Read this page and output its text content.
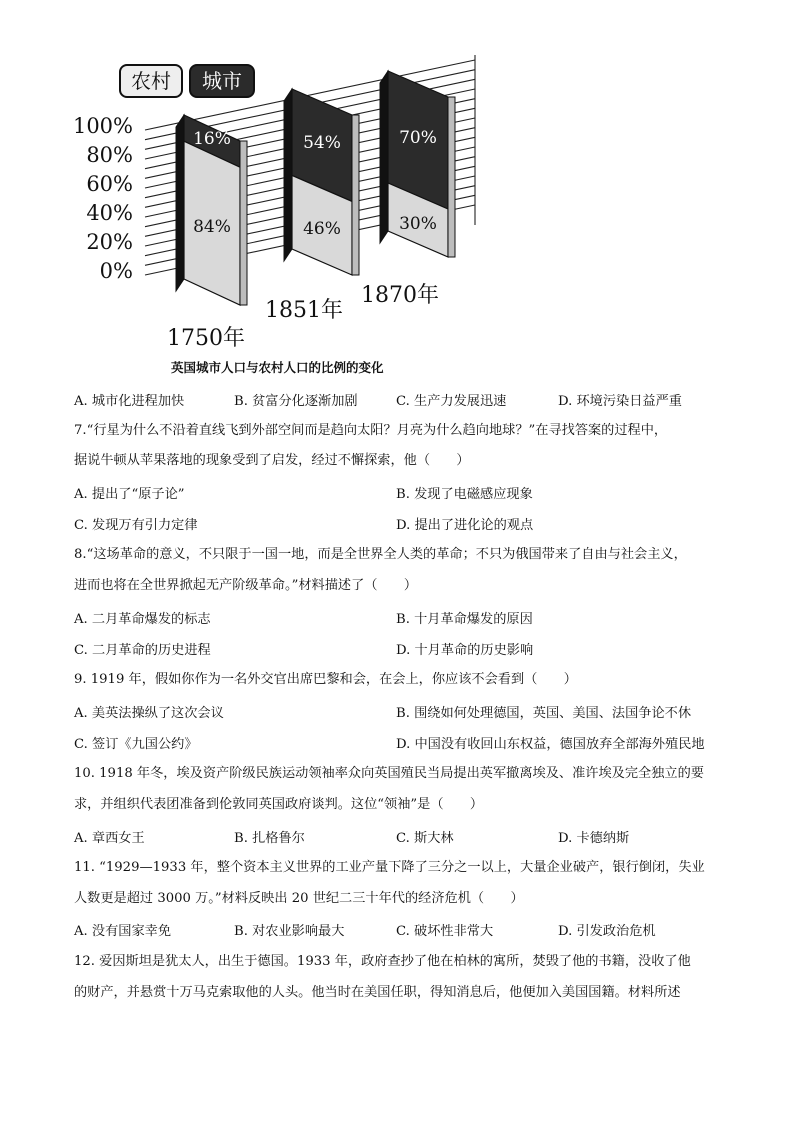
100%
80%
60%
40%
20%
0%
16%
84%
1750年
54%
46%
1851年
70%
30%
1870年
农村 城市
英国城市人口与农村人口的比例的变化
A. 城市化进程加快	B. 贫富分化逐渐加剧	C. 生产力发展迅速	D. 环境污染日益严重
7.“行星为什么不沿着直线飞到外部空间而是趋向太阳？月亮为什么趋向地球？”在寻找答案的过程中，
据说牛顿从苹果落地的现象受到了启发，经过不懈探索，他（　　）
A. 提出了“原子论”	B. 发现了电磁感应现象
C. 发现万有引力定律	D. 提出了进化论的观点
8.“这场革命的意义，不只限于一国一地，而是全世界全人类的革命；不只为俄国带来了自由与社会主义，
进而也将在全世界掀起无产阶级革命。”材料描述了（　　）
A. 二月革命爆发的标志	B. 十月革命爆发的原因
C. 二月革命的历史进程	D. 十月革命的历史影响
9. 1919 年，假如你作为一名外交官出席巴黎和会，在会上，你应该不会看到（　　）
A. 美英法操纵了这次会议	B. 围绕如何处理德国，英国、美国、法国争论不休
C. 签订《九国公约》	D. 中国没有收回山东权益，德国放弃全部海外殖民地
10. 1918 年冬，埃及资产阶级民族运动领袖率众向英国殖民当局提出英军撤离埃及、准许埃及完全独立的要
求，并组织代表团准备到伦敦同英国政府谈判。这位“领袖”是（　　）
A. 章西女王	B. 扎格鲁尔	C. 斯大林	D. 卡德纳斯
11. “1929—1933 年，整个资本主义世界的工业产量下降了三分之一以上，大量企业破产，银行倒闭，失业
人数更是超过 3000 万。”材料反映出 20 世纪二三十年代的经济危机（　　）
A. 没有国家幸免	B. 对农业影响最大	C. 破坏性非常大	D. 引发政治危机
12. 爱因斯坦是犹太人，出生于德国。1933 年，政府查抄了他在柏林的寓所，焚毁了他的书籍，没收了他
的财产，并悬赏十万马克索取他的人头。他当时在美国任职，得知消息后，他便加入美国国籍。材料所述
